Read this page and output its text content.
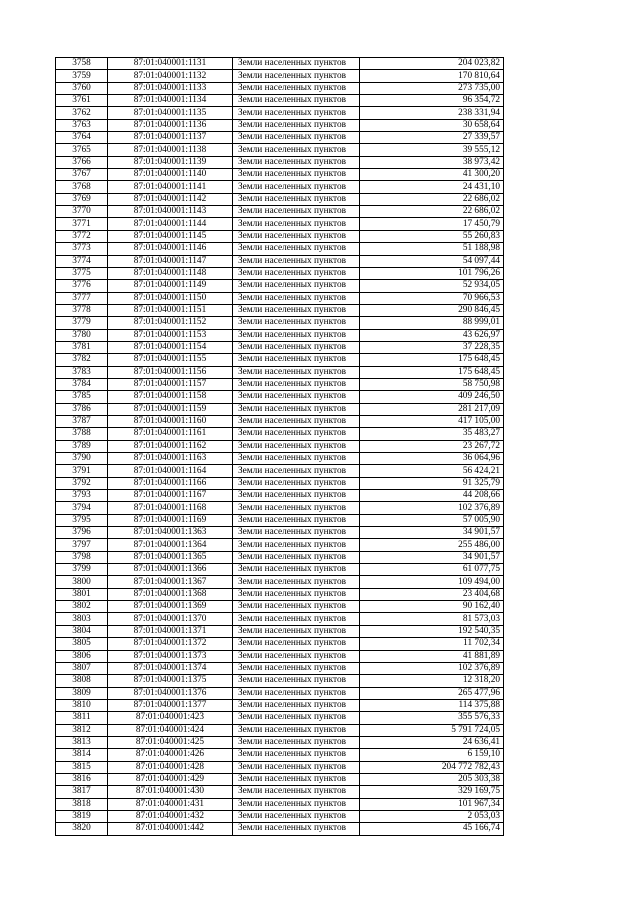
3758	87:01:040001:1131	Земли населенных пунктов	204 023,82
3759	87:01:040001:1132	Земли населенных пунктов	170 810,64
3760	87:01:040001:1133	Земли населенных пунктов	273 735,00
3761	87:01:040001:1134	Земли населенных пунктов	96 354,72
3762	87:01:040001:1135	Земли населенных пунктов	238 331,94
3763	87:01:040001:1136	Земли населенных пунктов	30 658,64
3764	87:01:040001:1137	Земли населенных пунктов	27 339,57
3765	87:01:040001:1138	Земли населенных пунктов	39 555,12
3766	87:01:040001:1139	Земли населенных пунктов	38 973,42
3767	87:01:040001:1140	Земли населенных пунктов	41 300,20
3768	87:01:040001:1141	Земли населенных пунктов	24 431,10
3769	87:01:040001:1142	Земли населенных пунктов	22 686,02
3770	87:01:040001:1143	Земли населенных пунктов	22 686,02
3771	87:01:040001:1144	Земли населенных пунктов	17 450,79
3772	87:01:040001:1145	Земли населенных пунктов	55 260,83
3773	87:01:040001:1146	Земли населенных пунктов	51 188,98
3774	87:01:040001:1147	Земли населенных пунктов	54 097,44
3775	87:01:040001:1148	Земли населенных пунктов	101 796,26
3776	87:01:040001:1149	Земли населенных пунктов	52 934,05
3777	87:01:040001:1150	Земли населенных пунктов	70 966,53
3778	87:01:040001:1151	Земли населенных пунктов	290 846,45
3779	87:01:040001:1152	Земли населенных пунктов	88 999,01
3780	87:01:040001:1153	Земли населенных пунктов	43 626,97
3781	87:01:040001:1154	Земли населенных пунктов	37 228,35
3782	87:01:040001:1155	Земли населенных пунктов	175 648,45
3783	87:01:040001:1156	Земли населенных пунктов	175 648,45
3784	87:01:040001:1157	Земли населенных пунктов	58 750,98
3785	87:01:040001:1158	Земли населенных пунктов	409 246,50
3786	87:01:040001:1159	Земли населенных пунктов	281 217,09
3787	87:01:040001:1160	Земли населенных пунктов	417 105,00
3788	87:01:040001:1161	Земли населенных пунктов	35 483,27
3789	87:01:040001:1162	Земли населенных пунктов	23 267,72
3790	87:01:040001:1163	Земли населенных пунктов	36 064,96
3791	87:01:040001:1164	Земли населенных пунктов	56 424,21
3792	87:01:040001:1166	Земли населенных пунктов	91 325,79
3793	87:01:040001:1167	Земли населенных пунктов	44 208,66
3794	87:01:040001:1168	Земли населенных пунктов	102 376,89
3795	87:01:040001:1169	Земли населенных пунктов	57 005,90
3796	87:01:040001:1363	Земли населенных пунктов	34 901,57
3797	87:01:040001:1364	Земли населенных пунктов	255 486,00
3798	87:01:040001:1365	Земли населенных пунктов	34 901,57
3799	87:01:040001:1366	Земли населенных пунктов	61 077,75
3800	87:01:040001:1367	Земли населенных пунктов	109 494,00
3801	87:01:040001:1368	Земли населенных пунктов	23 404,68
3802	87:01:040001:1369	Земли населенных пунктов	90 162,40
3803	87:01:040001:1370	Земли населенных пунктов	81 573,03
3804	87:01:040001:1371	Земли населенных пунктов	192 540,35
3805	87:01:040001:1372	Земли населенных пунктов	11 702,34
3806	87:01:040001:1373	Земли населенных пунктов	41 881,89
3807	87:01:040001:1374	Земли населенных пунктов	102 376,89
3808	87:01:040001:1375	Земли населенных пунктов	12 318,20
3809	87:01:040001:1376	Земли населенных пунктов	265 477,96
3810	87:01:040001:1377	Земли населенных пунктов	114 375,88
3811	87:01:040001:423	Земли населенных пунктов	355 576,33
3812	87:01:040001:424	Земли населенных пунктов	5 791 724,05
3813	87:01:040001:425	Земли населенных пунктов	24 636,41
3814	87:01:040001:426	Земли населенных пунктов	6 159,10
3815	87:01:040001:428	Земли населенных пунктов	204 772 782,43
3816	87:01:040001:429	Земли населенных пунктов	205 303,38
3817	87:01:040001:430	Земли населенных пунктов	329 169,75
3818	87:01:040001:431	Земли населенных пунктов	101 967,34
3819	87:01:040001:432	Земли населенных пунктов	2 053,03
3820	87:01:040001:442	Земли населенных пунктов	45 166,74
